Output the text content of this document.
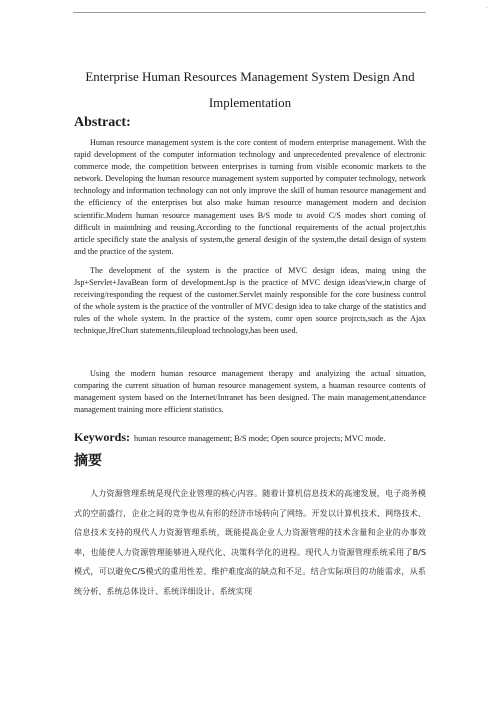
.
Enterprise Human Resources Management System Design And
Implementation
Abstract:

Human resource management system is the core content of modern enterprise management. With the rapid development of the computer information technology and unprecedented prevalence of electronic commerce mode, the competition between enterprises is turning from visible economic markets to the network. Developing the human resource management system supported by computer technology, network technology and information technology can not only improve the skill of human resource management and the efficiency of the enterprises but also make human resource management modern and decision scientific.Modern human resource management uses B/S mode to avoid C/S modes short coming of difficult in maintdning and reusing.According to the functional requirements of the actual project,this article specificly state the analysis of system,the general desigin of the system,the detail design of system and the practice of the system.

The development of the system is the practice of MVC design ideas, maing using the Jsp+Servlet+JavaBean form of development.Jsp is the practice of MVC design ideas'view,in charge of receiving/responding the request of the customer.Servlet mainly responsible for the core business control of the whole system is the practice of the vontroller of MVC design idea to take charge of the statistics and rules of the whole system. In the practice of the system, comr open source projrcts,such as the Ajax technique,JfreChart statements,fileupload technology,has been used.

Using the modern human resource management therapy and analyizing the actual situation, comparing the current situation of human resource management system, a huaman resource contents of management system based on the Internet/Intranet has been designed. The main management,attendance management training more efficient statistics.

Keywords: human resource management; B/S mode; Open source projects; MVC mode.

摘要

人力资源管理系统是现代企业管理的核心内容。随着计算机信息技术的高速发展，电子商务模式的空前盛行，企业之间的竞争也从有形的经济市场转向了网络。开发以计算机技术、网络技术、信息技术支持的现代人力资源管理系统，既能提高企业人力资源管理的技术含量和企业的办事效率，也能使人力资源管理能够进入现代化、决策科学化的进程。现代人力资源管理系统采用了B/S模式，可以避免C/S模式的重用性差、维护难度高的缺点和不足。结合实际项目的功能需求，从系统分析、系统总体设计、系统详细设计、系统实现
